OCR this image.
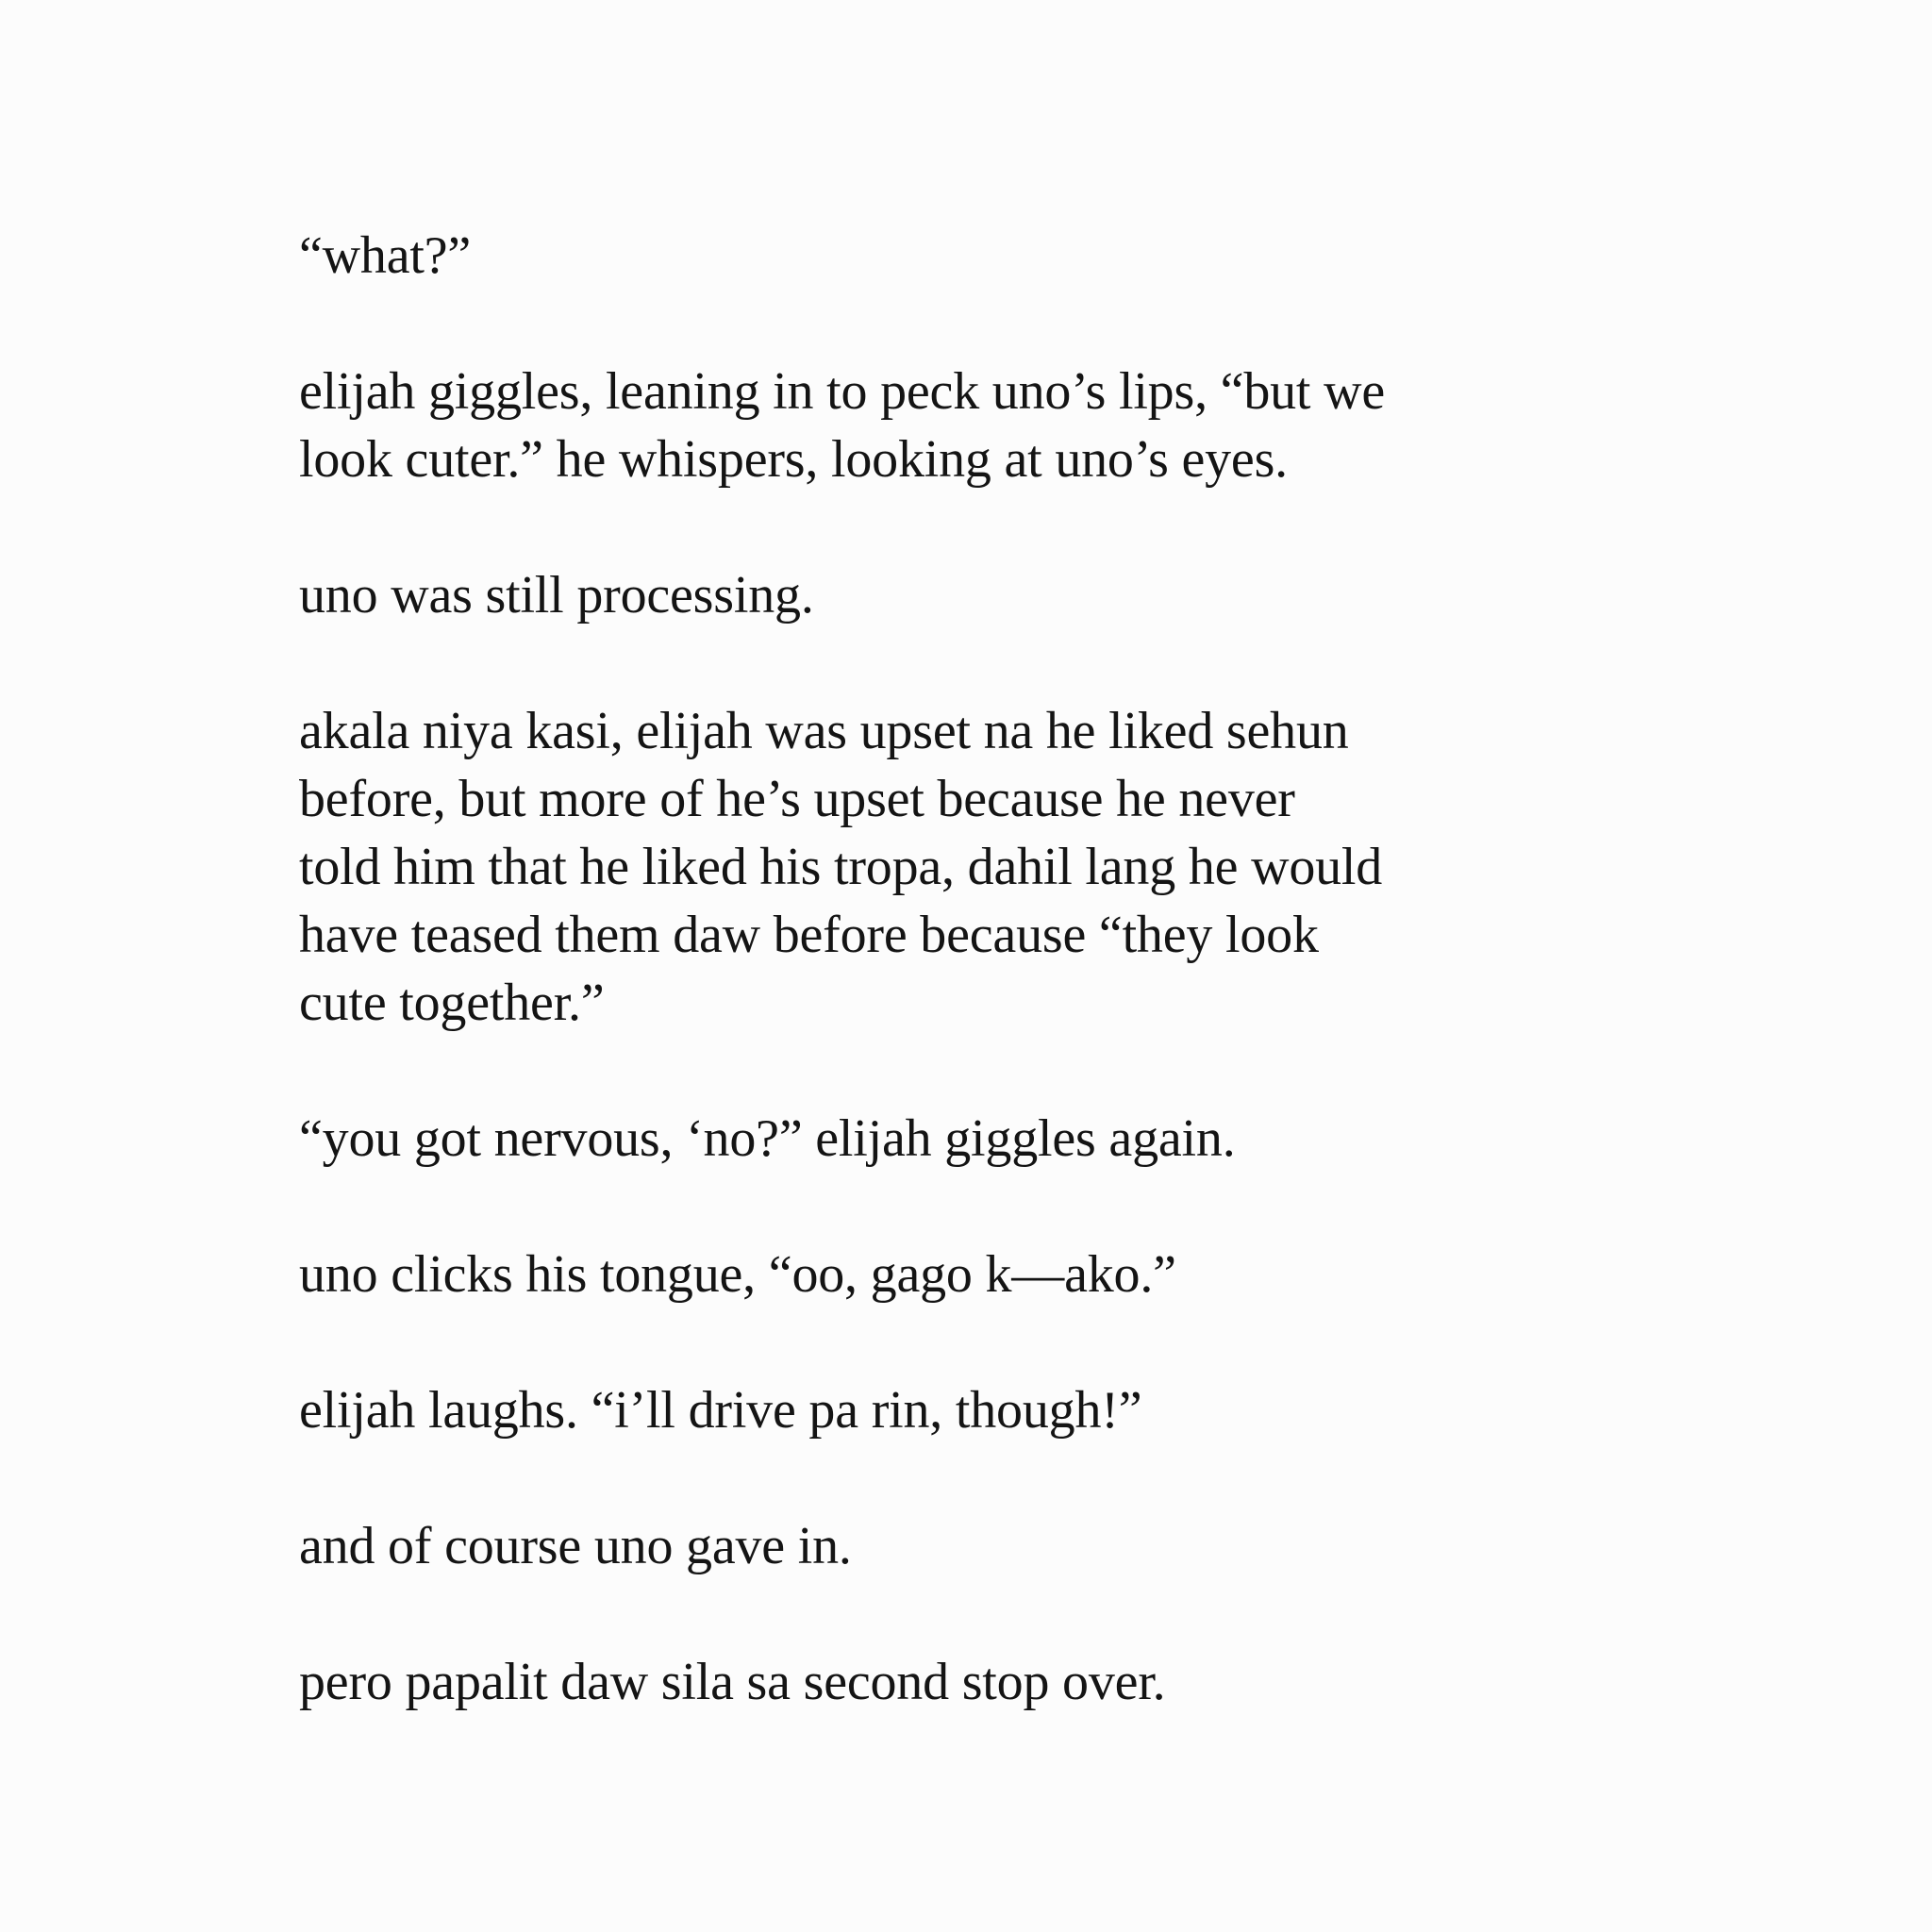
“what?”
elijah giggles, leaning in to peck uno’s lips, “but we
look cuter.” he whispers, looking at uno’s eyes.
uno was still processing.
akala niya kasi, elijah was upset na he liked sehun
before, but more of he’s upset because he never
told him that he liked his tropa, dahil lang he would
have teased them daw before because “they look
cute together.”
“you got nervous, ‘no?” elijah giggles again.
uno clicks his tongue, “oo, gago k—ako.”
elijah laughs. “i’ll drive pa rin, though!”
and of course uno gave in.
pero papalit daw sila sa second stop over.
